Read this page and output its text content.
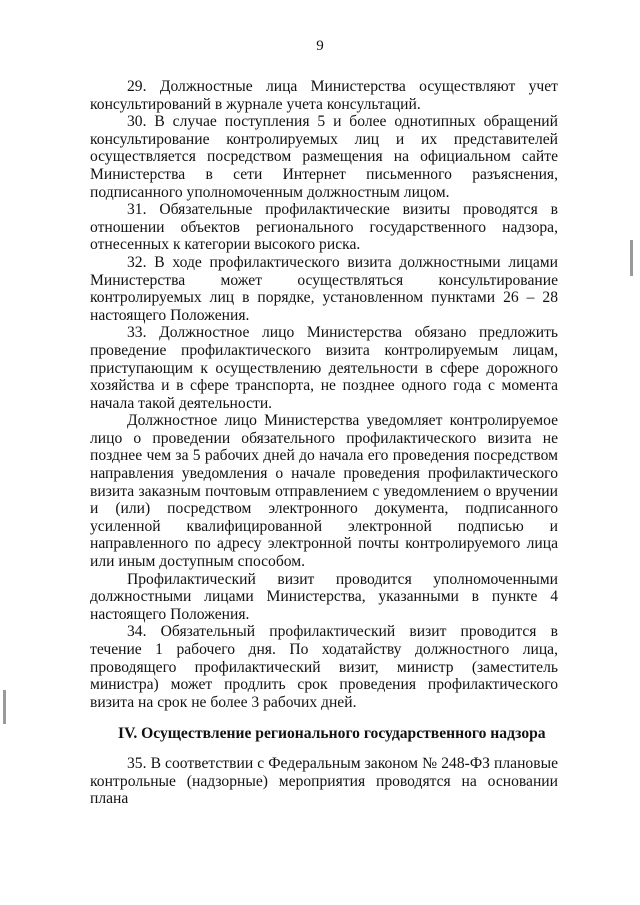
9

29. Должностные лица Министерства осуществляют учет консультирований в журнале учета консультаций.

30. В случае поступления 5 и более однотипных обращений консультирование контролируемых лиц и их представителей осуществляется посредством размещения на официальном сайте Министерства в сети Интернет письменного разъяснения, подписанного уполномоченным должностным лицом.

31. Обязательные профилактические визиты проводятся в отношении объектов регионального государственного надзора, отнесенных к категории высокого риска.

32. В ходе профилактического визита должностными лицами Министерства может осуществляться консультирование контролируемых лиц в порядке, установленном пунктами 26 – 28 настоящего Положения.

33. Должностное лицо Министерства обязано предложить проведение профилактического визита контролируемым лицам, приступающим к осуществлению деятельности в сфере дорожного хозяйства и в сфере транспорта, не позднее одного года с момента начала такой деятельности.

Должностное лицо Министерства уведомляет контролируемое лицо о проведении обязательного профилактического визита не позднее чем за 5 рабочих дней до начала его проведения посредством направления уведомления о начале проведения профилактического визита заказным почтовым отправлением с уведомлением о вручении и (или) посредством электронного документа, подписанного усиленной квалифицированной электронной подписью и направленного по адресу электронной почты контролируемого лица или иным доступным способом.

Профилактический визит проводится уполномоченными должностными лицами Министерства, указанными в пункте 4 настоящего Положения.

34. Обязательный профилактический визит проводится в течение 1 рабочего дня. По ходатайству должностного лица, проводящего профилактический визит, министр (заместитель министра) может продлить срок проведения профилактического визита на срок не более 3 рабочих дней.

IV. Осуществление регионального государственного надзора

35. В соответствии с Федеральным законом № 248-ФЗ плановые контрольные (надзорные) мероприятия проводятся на основании плана
